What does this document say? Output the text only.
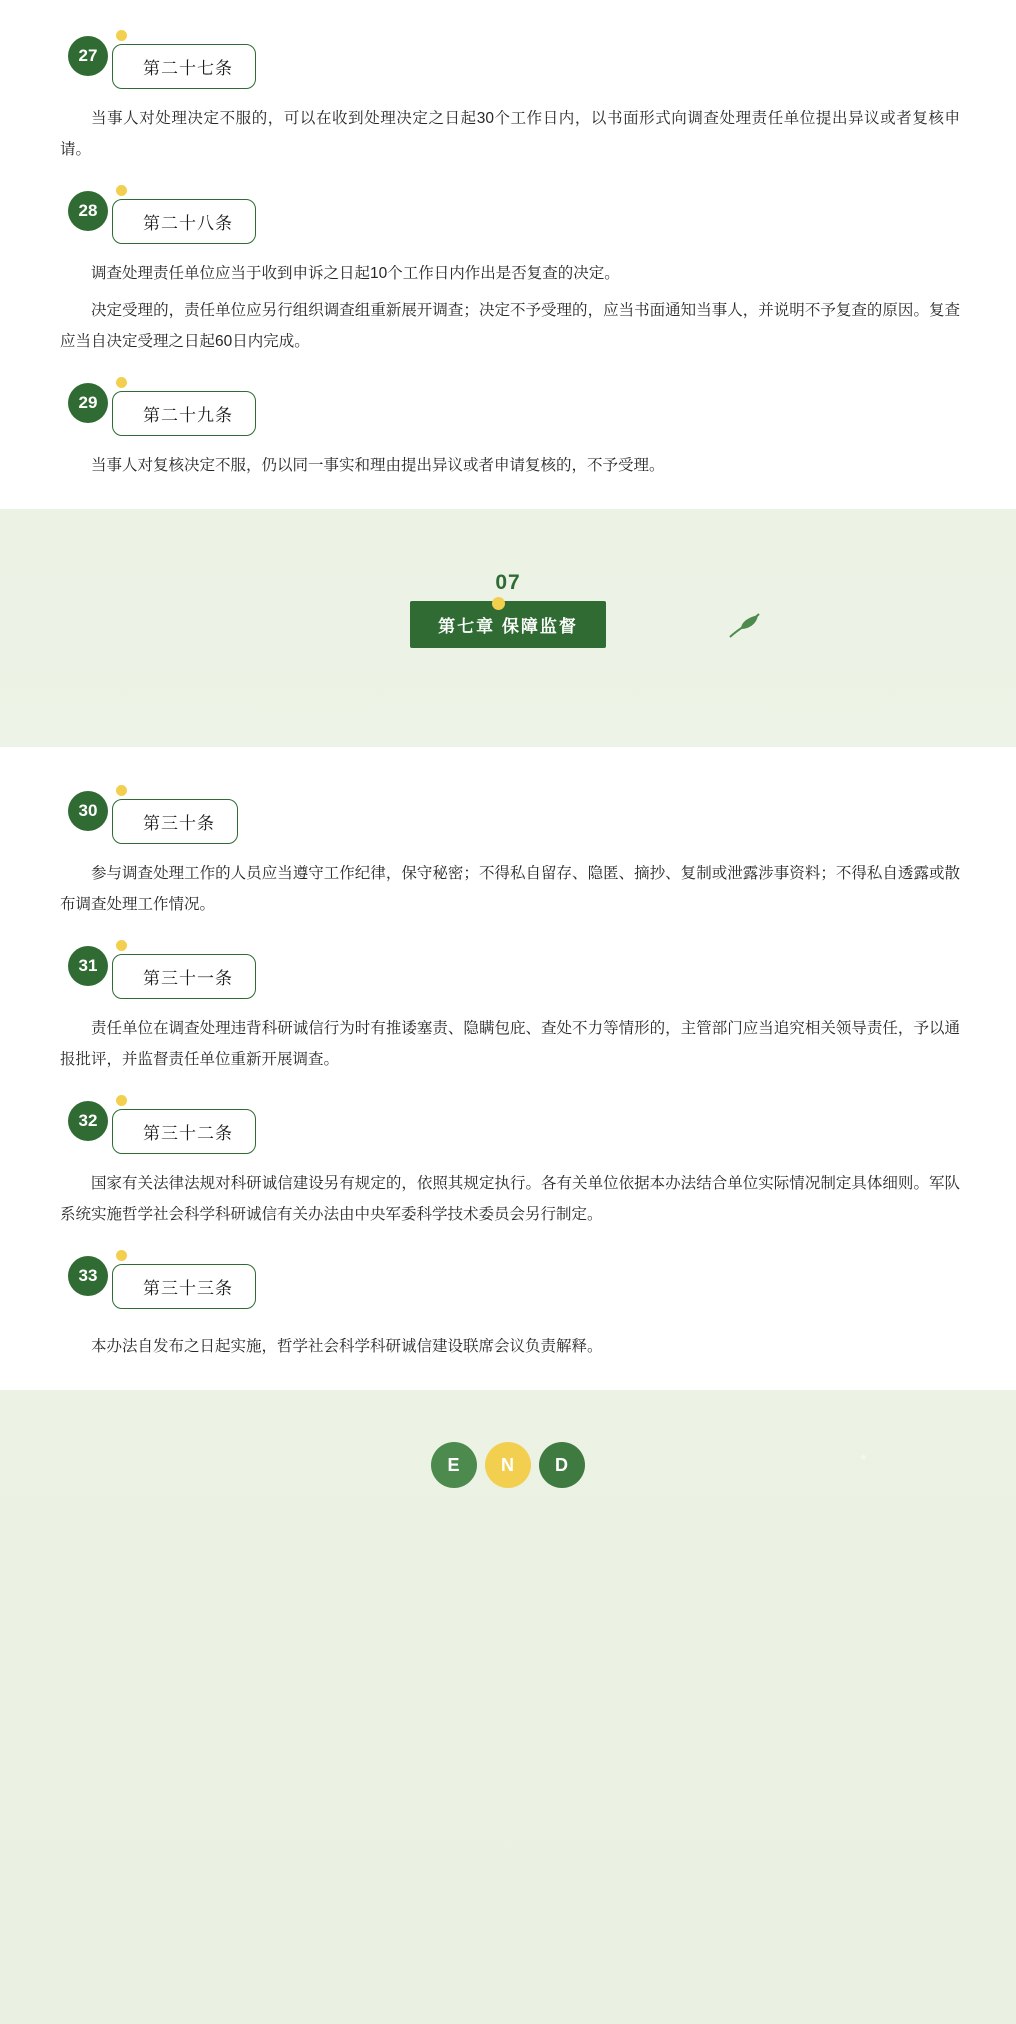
27
第二十七条

当事人对处理决定不服的，可以在收到处理决定之日起30个工作日内，以书面形式向调查处理责任单位提出异议或者复核申请。

28
第二十八条

调查处理责任单位应当于收到申诉之日起10个工作日内作出是否复查的决定。

决定受理的，责任单位应另行组织调查组重新展开调查；决定不予受理的，应当书面通知当事人，并说明不予复查的原因。复查应当自决定受理之日起60日内完成。

29
第二十九条

当事人对复核决定不服，仍以同一事实和理由提出异议或者申请复核的，不予受理。

07
第七章 保障监督
30
第三十条

参与调查处理工作的人员应当遵守工作纪律，保守秘密；不得私自留存、隐匿、摘抄、复制或泄露涉事资料；不得私自透露或散布调查处理工作情况。

31
第三十一条

责任单位在调查处理违背科研诚信行为时有推诿塞责、隐瞒包庇、查处不力等情形的，主管部门应当追究相关领导责任，予以通报批评，并监督责任单位重新开展调查。

32
第三十二条

国家有关法律法规对科研诚信建设另有规定的，依照其规定执行。各有关单位依据本办法结合单位实际情况制定具体细则。军队系统实施哲学社会科学科研诚信有关办法由中央军委科学技术委员会另行制定。

33
第三十三条

本办法自发布之日起实施，哲学社会科学科研诚信建设联席会议负责解释。

E	N	D
